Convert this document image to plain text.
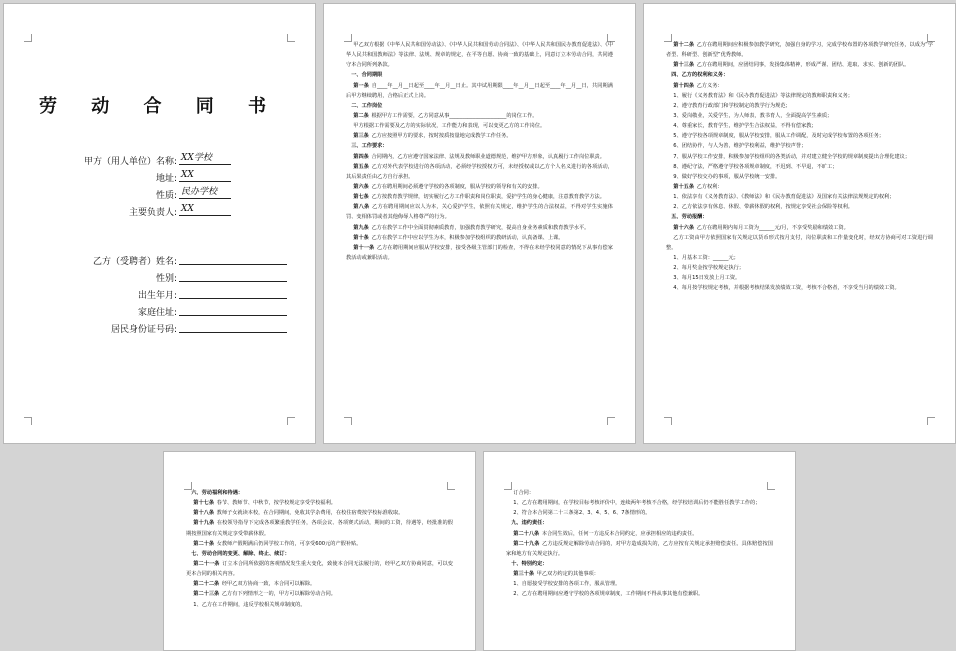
劳 动 合 同 书
甲方（用人单位）名称: XX学校
地址: XX
性质: 民办学校
主要负责人: XX
乙方（受聘者）姓名:
性别:
出生年月:
家庭住址:
居民身份证号码:

甲乙双方根据《中华人民共和国劳动法》、《中华人民共和国劳动合同法》、《中华人民共和国民办教育促进法》、《中华人民共和国教师法》等法律、法规、规章的规定，在平等自愿、协商一致的基础上，同意订立本劳动合同，共同遵守本合同所列条款。

一、合同期限

第一条  自____年__月__日起至____年__月__日止。其中试用期限____年__月__日起至____年__月__日，共同期满后甲方继续聘用，合格后正式上岗。

二、工作岗位

第二条  根据甲方工作需要，乙方同意从事______________________的岗位工作。

甲方根据工作需要及乙方的实际状况，工作能力和表现，可以变更乙方的工作岗位。

第三条  乙方应按照甲方的要求，按时按质按量地完成教学工作任务。

三、工作要求：

第四条  合同期内，乙方应遵守国家法律、法规及教师职业道德规范，维护甲方形象，认真履行工作岗位职责。

第五条  乙方对外代表学校进行的各项活动，必须经学校授权方可，未经授权或以乙方个人名义进行的各项活动，其后果责任由乙方自行承担。

第六条  乙方在聘用期间必须遵守学校的各项制度，服从学校的领导和有关的安排。

第七条  乙方按教育教学规律，切实履行乙方工作职责和岗位职责，爱护学生的身心健康，注意教育教学方法。

第八条  乙方在聘用期间应以人为本，关心爱护学生，依照有关规定，维护学生的合法权益，不得对学生实施体罚、变相体罚或者其他侮辱人格尊严的行为。

第九条  乙方在教学工作中全面贯彻素质教育，加强教育教学研究，提高自身业务素质和教育教学水平。

第十条  乙方在教学工作中应以学生为本，积极参加学校组织的教研活动，认真备课、上课。

第十一条  乙方在聘用期间应服从学校安排，接受各级主管部门的检查，不得在未经学校同意的情况下从事有偿家教活动或兼职活动。

第十二条  乙方在聘用期间应积极参加教学研究，加强自身的学习，完成学校布置的各项教学研究任务，以成为“学者型、科研型、创新型”优秀教师。

第十三条  乙方在聘用期间，应团结同事，发扬集体精神，形成严谨、团结、进取、求实、创新的团队。

四、乙方的权利和义务：

第十四条  乙方义务：

1、履行《义务教育法》和《民办教育促进法》等法律规定的教师职责和义务；

2、遵守教育行政部门和学校制定的教学行为规范；

3、爱岗敬业，关爱学生，为人师表，教书育人，全面提高学生素质；

4、尊重家长，教育学生，维护学生合法权益，不得有偿家教；

5、遵守学校各项规章制度，服从学校安排，服从工作调配，及时完成学校布置的各项任务；

6、团结协作，与人为善，维护学校利益，维护学校声誉；

7、服从学校工作安排，积极参加学校组织的各类活动，并对建立健全学校的规章制度提出合理化建议；

8、遵纪守法，严格遵守学校各项规章制度，不迟到、不早退，不旷工；

9、做好学校交办的事项，服从学校统一安排。

第十五条  乙方权利：

1、依法享有《义务教育法》、《教师法》和《民办教育促进法》及国家有关法律法规规定的权利；

2、乙方依法享有休息、休假、带薪休假的权利，按规定享受社会保险等权利。

五、劳动报酬：

第十六条  乙方在聘用期内每月工资为______元/月，不享受奖励和绩效工资。

乙方工资由甲方依照国家有关规定以货币形式按月支付，岗位职责和工作量变化时，经双方协商可对工资进行调整。

1、月基本工资：______元；

2、每月奖金按学校规定执行；

3、每月15日发放上月工资。

4、每月按学校规定考核，并根据考核结果发放绩效工资，考核不合格者，不享受当月的绩效工资。

六、劳动福利和待遇：

第十七条  春节、教师节、中秋节，按学校规定享受学校福利。

第十八条  教师子女就读本校，在合同期间，免收其学杂费用，在校住宿费按学校标准收取。

第十九条  在校领导指导下完成各项繁重教学任务，各项会议、各项赛式活动，期间的工资，待遇等，经批准的假期按照国家有关规定享受带薪休假。

第二十条  女教师产假期满后仍回学校工作的，可享受600元的产假补贴。

七、劳动合同的变更、解除、终止、续订：

第二十一条  订立本合同所依据的客观情况发生重大变化，致使本合同无法履行的，经甲乙双方协商同意，可以变更本合同的相关内容。

第二十二条  经甲乙双方协商一致，本合同可以解除。

第二十三条  乙方有下列情形之一的，甲方可以解除劳动合同。

1、乙方在工作期间，违反学校相关规章制度的。

订合同：

1、乙方在聘用期间，在学校目标考核评价中，连续两年考核不合格，经学校培训后仍不能胜任教学工作的；

2、符合本合同第二十三条第2、3、4、5、6、7条情形的。

九、违约责任：

第二十八条  本合同生效后，任何一方违反本合同约定，应承担相应的违约责任。

第二十九条  乙方违反规定解除劳动合同的，对甲方造成损失的，乙方应按有关规定承担赔偿责任。具体赔偿按国家和地方有关规定执行。

十、特别约定：

第三十条  甲乙双方约定的其他事项：

1、自愿接受学校安排的各项工作，服从管理。

2、乙方在聘用期间应遵守学校的各项规章制度，工作期间不得从事其他有偿兼职。
